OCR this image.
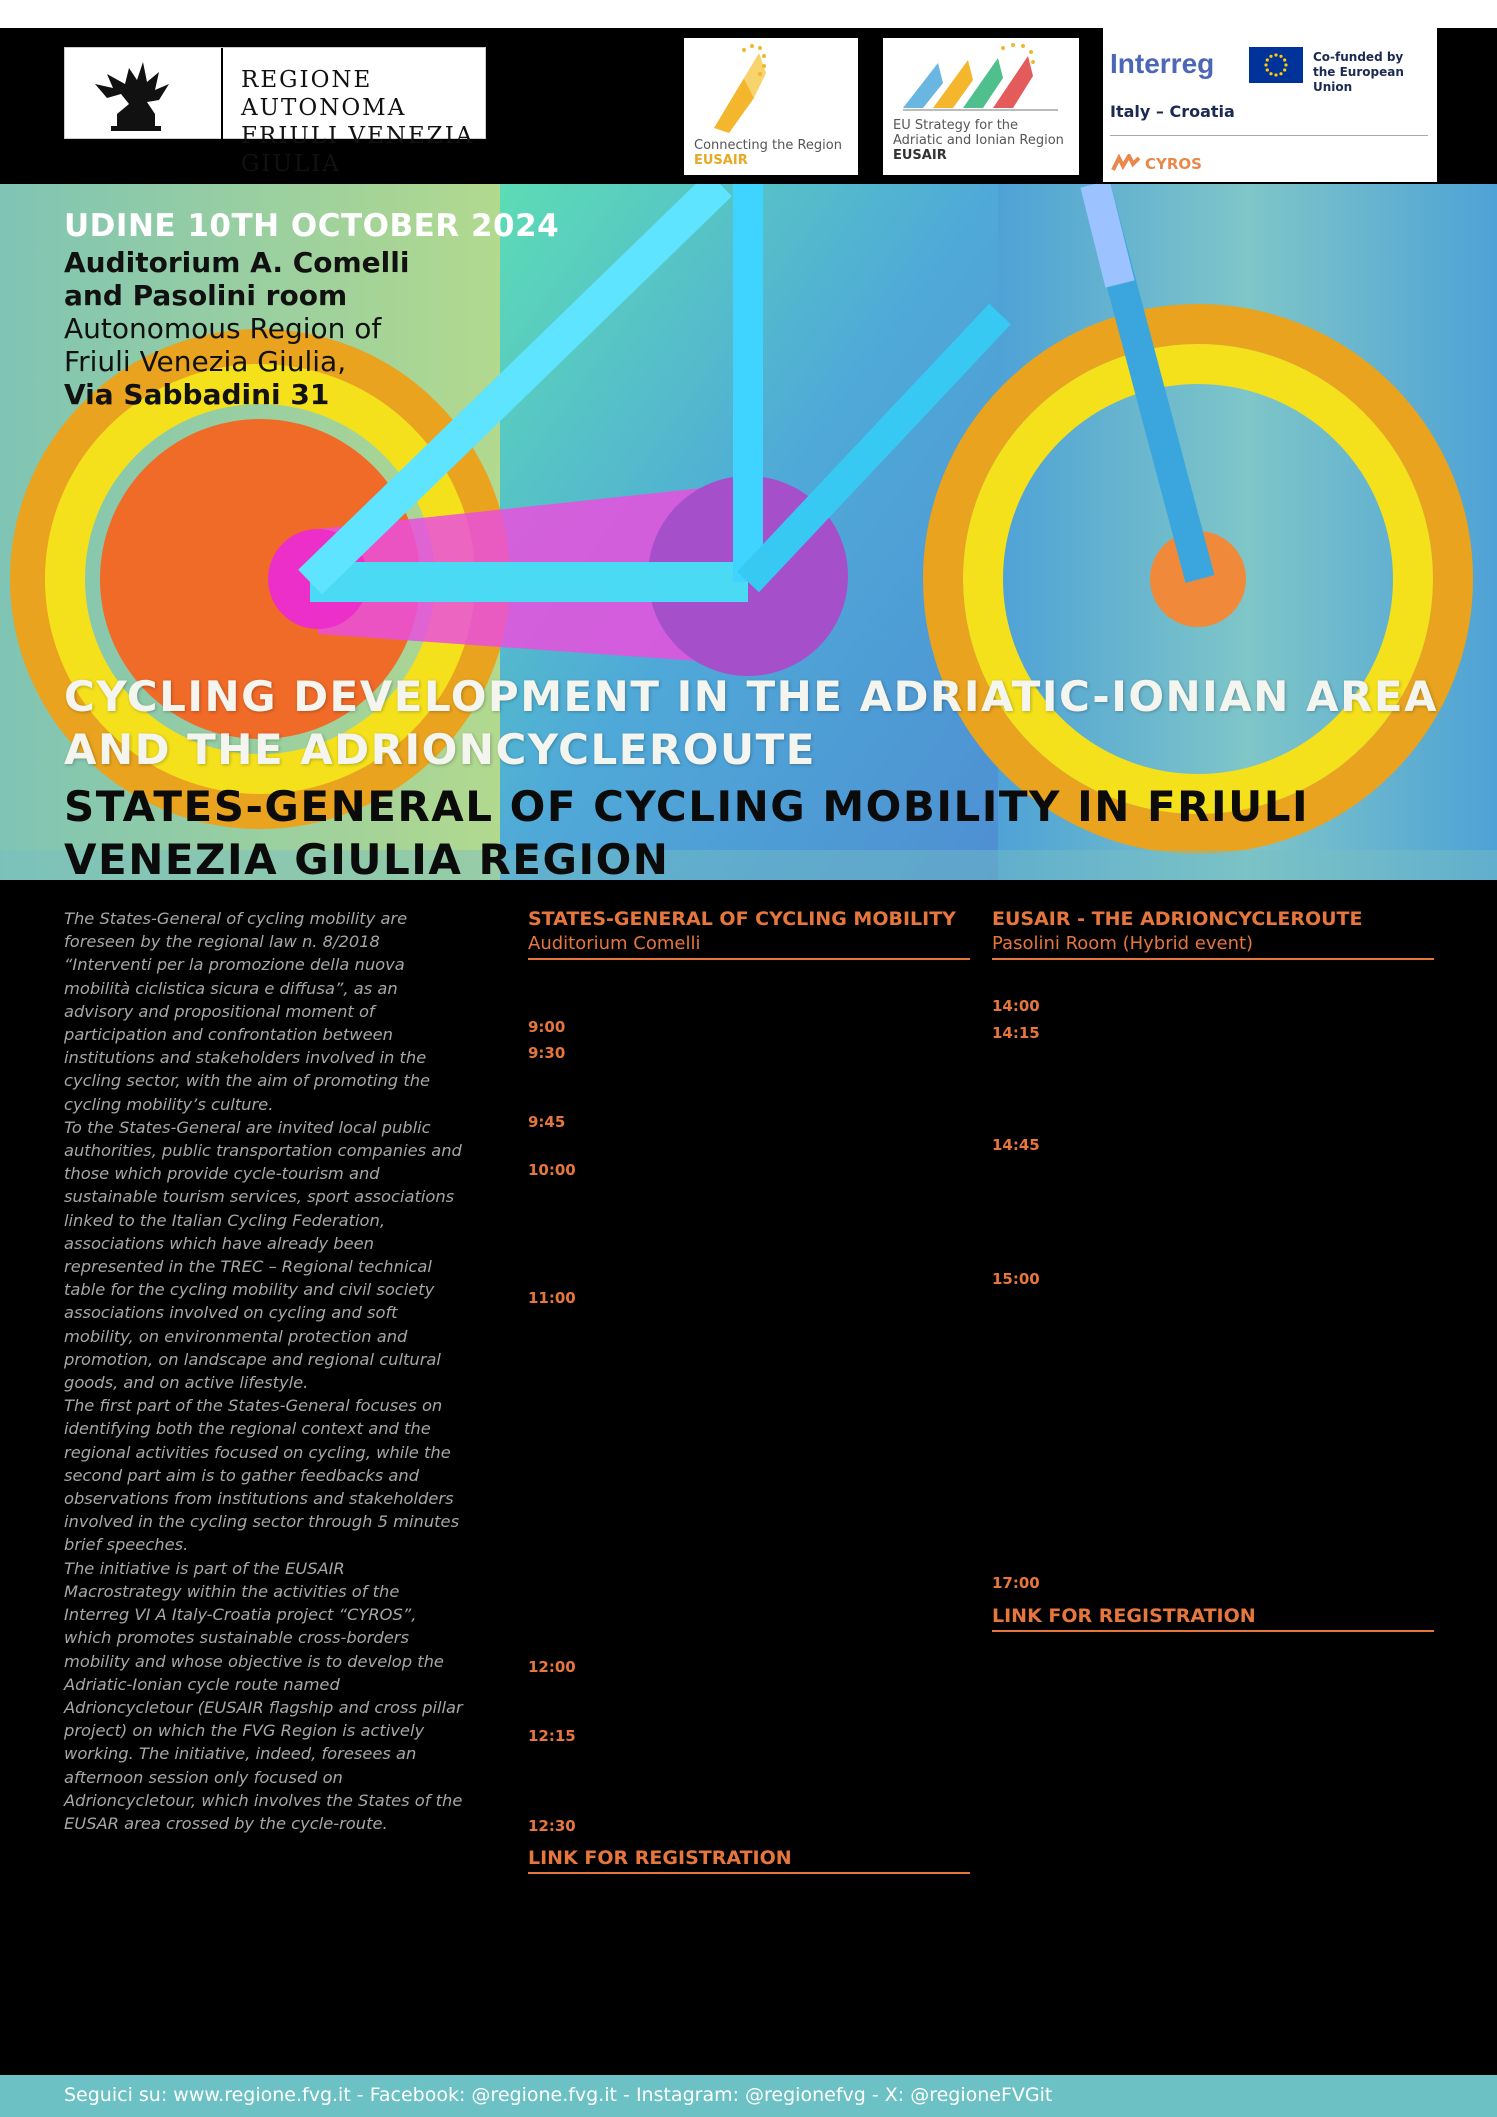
REGIONE AUTONOMA
FRIULI VENEZIA GIULIA
Connecting the Region
EUSAIR
EU Strategy for the
Adriatic and Ionian Region
EUSAIR
Interreg	Co-funded by
the European Union
Italy – Croatia
CYROS
UDINE 10TH OCTOBER 2024
Auditorium A. Comelli
and Pasolini room
Autonomous Region of
Friuli Venezia Giulia,
Via Sabbadini 31
CYCLING DEVELOPMENT IN THE ADRIATIC-IONIAN AREA
AND THE ADRIONCYCLEROUTE
STATES-GENERAL OF CYCLING MOBILITY IN FRIULI
VENEZIA GIULIA REGION

The States-General of cycling mobility are foreseen by the regional law n. 8/2018 “Interventi per la promozione della nuova mobilità ciclistica sicura e diffusa”, as an advisory and propositional moment of participation and confrontation between institutions and stakeholders involved in the cycling sector, with the aim of promoting the cycling mobility’s culture.

To the States-General are invited local public authorities, public transportation companies and those which provide cycle-tourism and sustainable tourism services, sport associations linked to the Italian Cycling Federation, associations which have already been represented in the TREC – Regional technical table for the cycling mobility and civil society associations involved on cycling and soft mobility, on environmental protection and promotion, on landscape and regional cultural goods, and on active lifestyle.

The first part of the States-General focuses on identifying both the regional context and the regional activities focused on cycling, while the second part aim is to gather feedbacks and observations from institutions and stakeholders involved in the cycling sector through 5 minutes brief speeches.

The initiative is part of the EUSAIR Macrostrategy within the activities of the Interreg VI A Italy-Croatia project “CYROS”, which promotes sustainable cross-borders mobility and whose objective is to develop the Adriatic-Ionian cycle route named Adrioncycletour (EUSAIR flagship and cross pillar project) on which the FVG Region is actively working. The initiative, indeed, foresees an afternoon session only focused on Adrioncycletour, which involves the States of the EUSAR area crossed by the cycle-route.

STATES-GENERAL OF CYCLING MOBILITY
Auditorium Comelli
9:00
9:30
9:45
10:00
11:00
12:00
12:15
12:30
LINK FOR REGISTRATION
EUSAIR - THE ADRIONCYCLEROUTE
Pasolini Room (Hybrid event)
14:00
14:15
14:45
15:00
17:00
LINK FOR REGISTRATION
Seguici su: www.regione.fvg.it - Facebook: @regione.fvg.it - Instagram: @regionefvg - X: @regioneFVGit
